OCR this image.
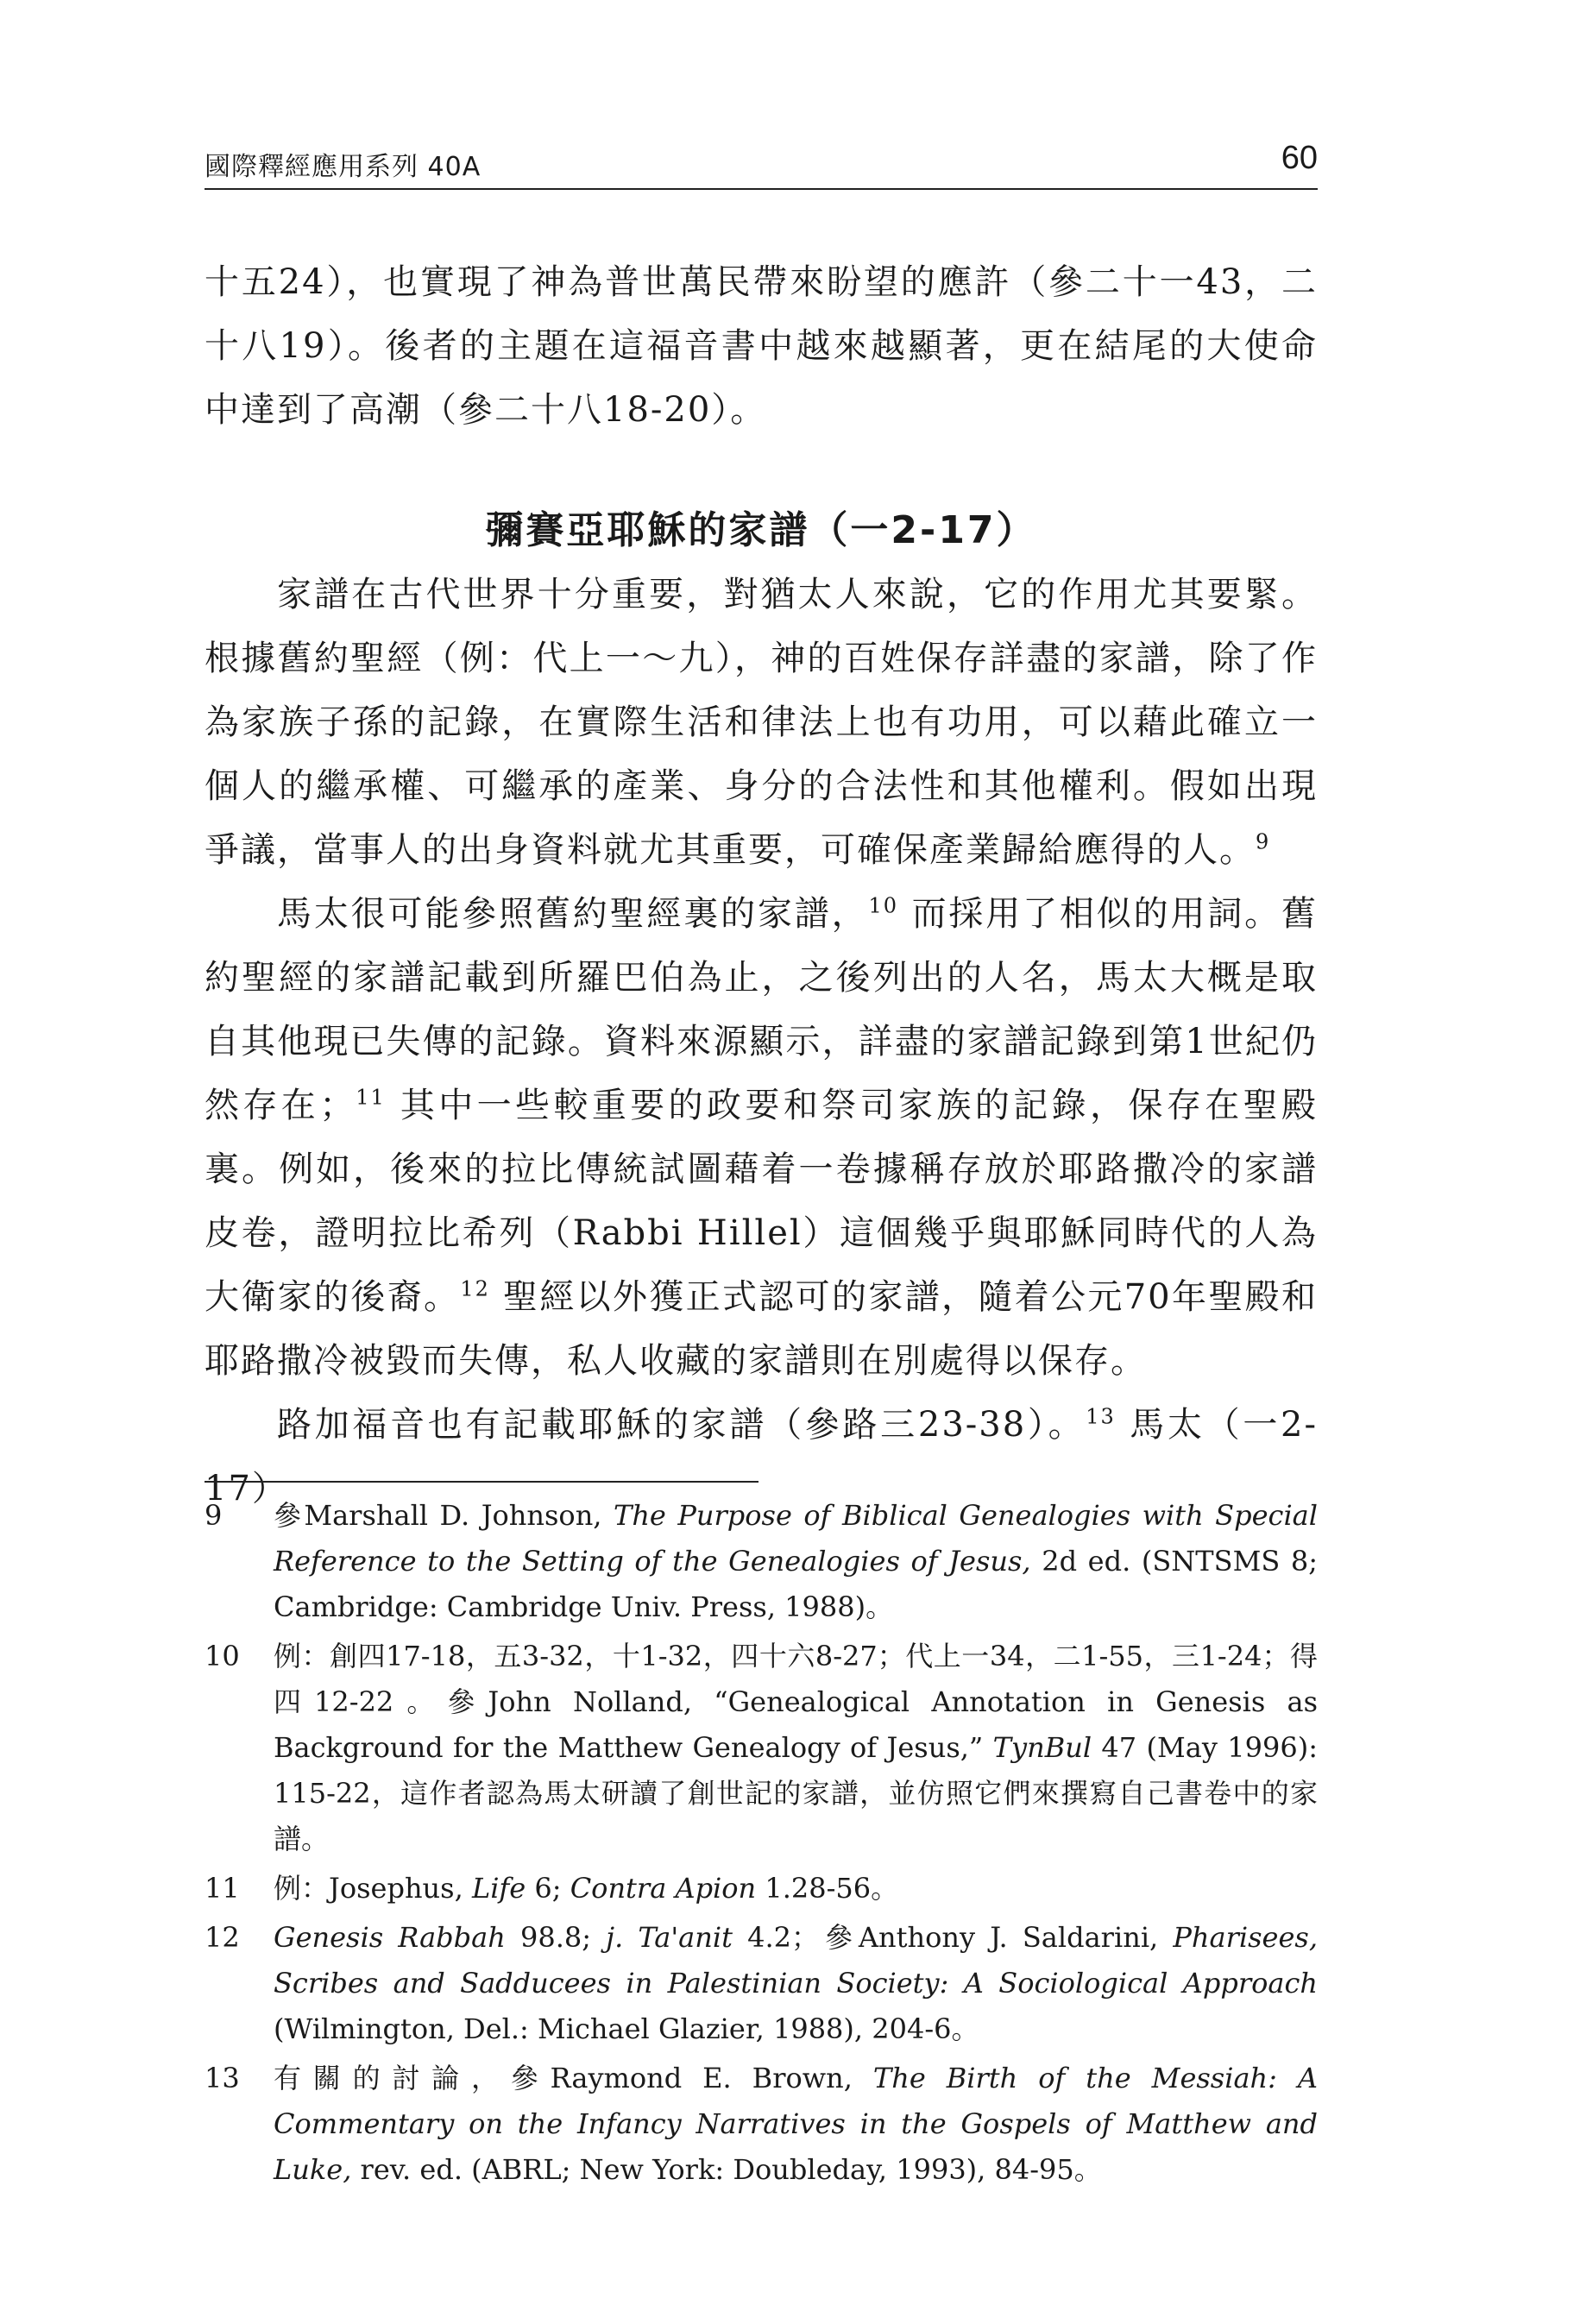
國際釋經應用系列 40A	60

十五24），也實現了神為普世萬民帶來盼望的應許（參二十一43，二十八19）。後者的主題在這福音書中越來越顯著，更在結尾的大使命中達到了高潮（參二十八18-20）。

彌賽亞耶穌的家譜（一2-17）

家譜在古代世界十分重要，對猶太人來說，它的作用尤其要緊。根據舊約聖經（例：代上一～九），神的百姓保存詳盡的家譜，除了作為家族子孫的記錄，在實際生活和律法上也有功用，可以藉此確立一個人的繼承權、可繼承的產業、身分的合法性和其他權利。假如出現爭議，當事人的出身資料就尤其重要，可確保產業歸給應得的人。$^9$

馬太很可能參照舊約聖經裏的家譜，$^{10}$ 而採用了相似的用詞。舊約聖經的家譜記載到所羅巴伯為止，之後列出的人名，馬太大概是取自其他現已失傳的記錄。資料來源顯示，詳盡的家譜記錄到第1世紀仍然存在；$^{11}$ 其中一些較重要的政要和祭司家族的記錄，保存在聖殿裏。例如，後來的拉比傳統試圖藉着一卷據稱存放於耶路撒冷的家譜皮卷，證明拉比希列（Rabbi Hillel）這個幾乎與耶穌同時代的人為大衛家的後裔。$^{12}$ 聖經以外獲正式認可的家譜，隨着公元70年聖殿和耶路撒冷被毀而失傳，私人收藏的家譜則在別處得以保存。

路加福音也有記載耶穌的家譜（參路三23-38）。$^{13}$ 馬太（一2-17）

9	參Marshall D. Johnson, The Purpose of Biblical Genealogies with Special Reference to the Setting of the Genealogies of Jesus, 2d ed. (SNTSMS 8; Cambridge: Cambridge Univ. Press, 1988)。
10	例：創四17-18，五3-32，十1-32，四十六8-27；代上一34，二1-55，三1-24；得四12-22。參John Nolland, “Genealogical Annotation in Genesis as Background for the Matthew Genealogy of Jesus,” TynBul 47 (May 1996): 115-22，這作者認為馬太研讀了創世記的家譜，並仿照它們來撰寫自己書卷中的家譜。
11	例：Josephus, Life 6; Contra Apion 1.28-56。
12	Genesis Rabbah 98.8; j. Ta'anit 4.2；參Anthony J. Saldarini, Pharisees, Scribes and Sadducees in Palestinian Society: A Sociological Approach (Wilmington, Del.: Michael Glazier, 1988), 204-6。
13	有關的討論，參Raymond E. Brown, The Birth of the Messiah: A Commentary on the Infancy Narratives in the Gospels of Matthew and Luke, rev. ed. (ABRL; New York: Doubleday, 1993), 84-95。
